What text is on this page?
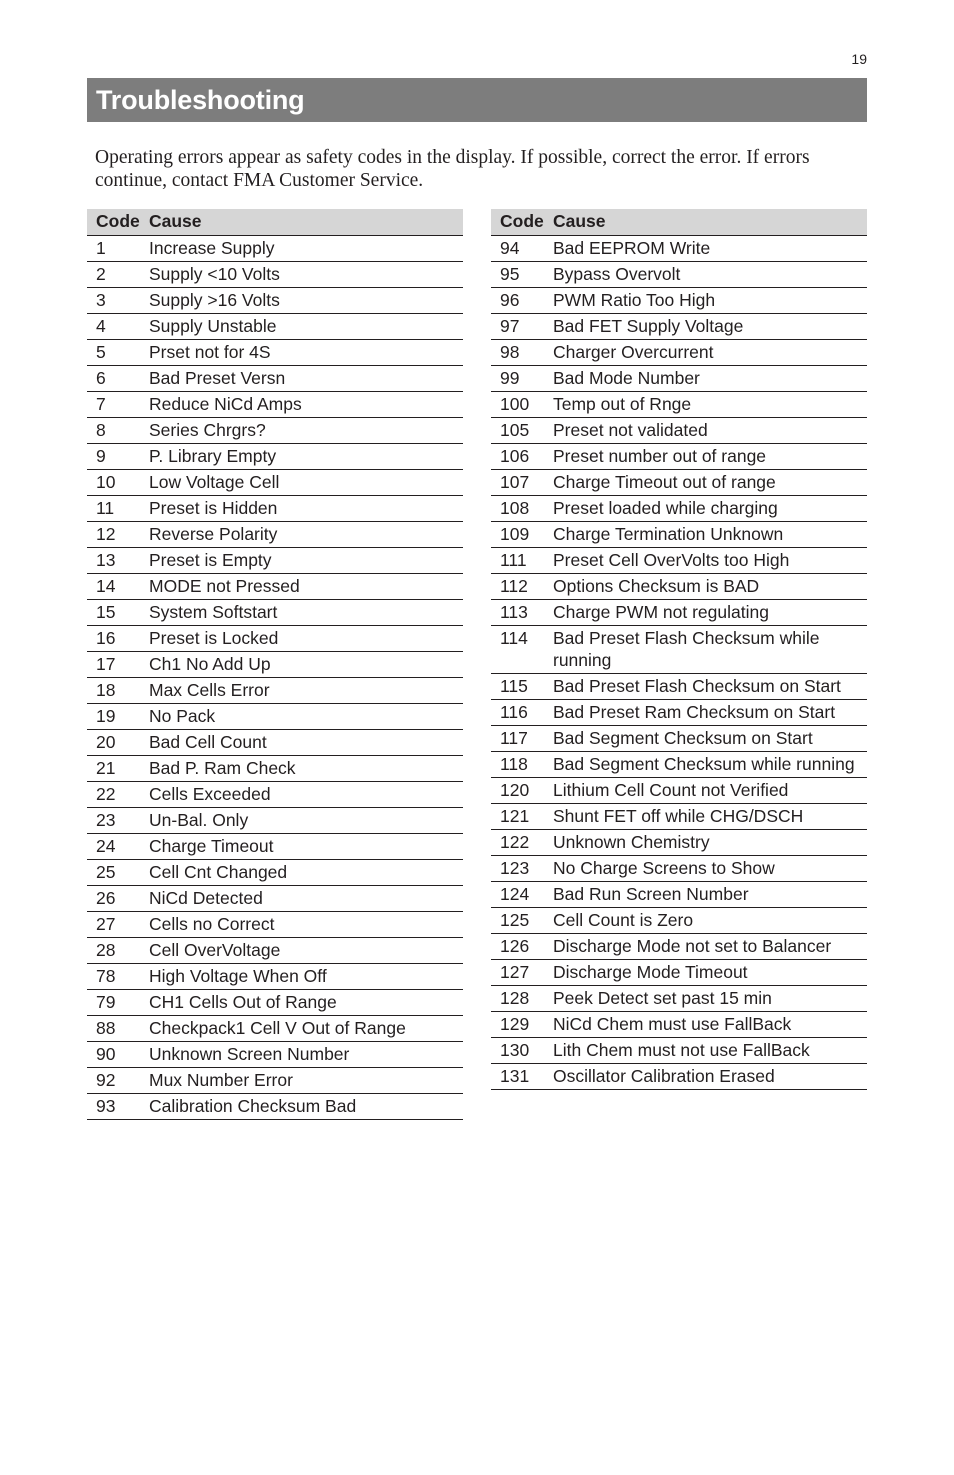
19
Troubleshooting

Operating errors appear as safety codes in the display. If possible, correct the error. If errors continue, contact FMA Customer Service.

Code	Cause
1	Increase Supply
2	Supply <10 Volts
3	Supply >16 Volts
4	Supply Unstable
5	Prset not for 4S
6	Bad Preset Versn
7	Reduce NiCd Amps
8	Series Chrgrs?
9	P. Library Empty
10	Low Voltage Cell
11	Preset is Hidden
12	Reverse Polarity
13	Preset is Empty
14	MODE not Pressed
15	System Softstart
16	Preset is Locked
17	Ch1 No Add Up
18	Max Cells Error
19	No Pack
20	Bad Cell Count
21	Bad P. Ram Check
22	Cells Exceeded
23	Un-Bal. Only
24	Charge Timeout
25	Cell Cnt Changed
26	NiCd Detected
27	Cells no Correct
28	Cell OverVoltage
78	High Voltage When Off
79	CH1 Cells Out of Range
88	Checkpack1 Cell V Out of Range
90	Unknown Screen Number
92	Mux Number Error
93	Calibration Checksum Bad
Code	Cause
94	Bad EEPROM Write
95	Bypass Overvolt
96	PWM Ratio Too High
97	Bad FET Supply Voltage
98	Charger Overcurrent
99	Bad Mode Number
100	Temp out of Rnge
105	Preset not validated
106	Preset number out of range
107	Charge Timeout out of range
108	Preset loaded while charging
109	Charge Termination Unknown
111	Preset Cell OverVolts too High
112	Options Checksum is BAD
113	Charge PWM not regulating
114	Bad Preset Flash Checksum while running
115	Bad Preset Flash Checksum on Start
116	Bad Preset Ram Checksum on Start
117	Bad Segment Checksum on Start
118	Bad Segment Checksum while running
120	Lithium Cell Count not Verified
121	Shunt FET off while CHG/DSCH
122	Unknown Chemistry
123	No Charge Screens to Show
124	Bad Run Screen Number
125	Cell Count is Zero
126	Discharge Mode not set to Balancer
127	Discharge Mode Timeout
128	Peek Detect set past 15 min
129	NiCd Chem must use FallBack
130	Lith Chem must not use FallBack
131	Oscillator Calibration Erased
